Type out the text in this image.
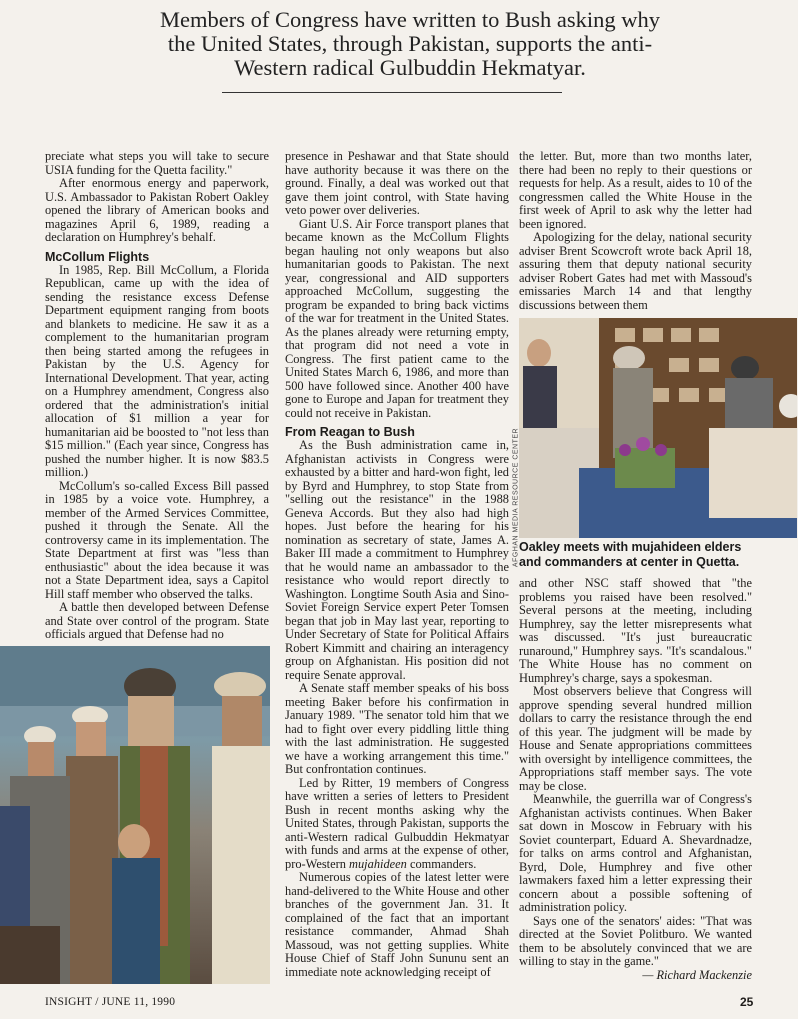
Members of Congress have written to Bush asking why the United States, through Pakistan, supports the anti-Western radical Gulbuddin Hekmatyar.

preciate what steps you will take to secure USIA funding for the Quetta facility."

After enormous energy and paperwork, U.S. Ambassador to Pakistan Robert Oakley opened the library of American books and magazines April 6, 1989, reading a declaration on Humphrey's behalf.

McCollum Flights

In 1985, Rep. Bill McCollum, a Florida Republican, came up with the idea of sending the resistance excess Defense Department equipment ranging from boots and blankets to medicine. He saw it as a complement to the humanitarian program then being started among the refugees in Pakistan by the U.S. Agency for International Development. That year, acting on a Humphrey amendment, Congress also ordered that the administration's initial allocation of $1 million a year for humanitarian aid be boosted to "not less than $15 million." (Each year since, Congress has pushed the number higher. It is now $83.5 million.)

McCollum's so-called Excess Bill passed in 1985 by a voice vote. Humphrey, a member of the Armed Services Committee, pushed it through the Senate. All the controversy came in its implementation. The State Department at first was "less than enthusiastic" about the idea because it was not a State Department idea, says a Capitol Hill staff member who observed the talks.

A battle then developed between Defense and State over control of the program. State officials argued that Defense had no

presence in Peshawar and that State should have authority because it was there on the ground. Finally, a deal was worked out that gave them joint control, with State having veto power over deliveries.

Giant U.S. Air Force transport planes that became known as the McCollum Flights began hauling not only weapons but also humanitarian goods to Pakistan. The next year, congressional and AID supporters approached McCollum, suggesting the program be expanded to bring back victims of the war for treatment in the United States. As the planes already were returning empty, that program did not need a vote in Congress. The first patient came to the United States March 6, 1986, and more than 500 have followed since. Another 400 have gone to Europe and Japan for treatment they could not receive in Pakistan.

From Reagan to Bush

As the Bush administration came in, Afghanistan activists in Congress were exhausted by a bitter and hard-won fight, led by Byrd and Humphrey, to stop State from "selling out the resistance" in the 1988 Geneva Accords. But they also had high hopes. Just before the hearing for his nomination as secretary of state, James A. Baker III made a commitment to Humphrey that he would name an ambassador to the resistance who would report directly to Washington. Longtime South Asia and Sino-Soviet Foreign Service expert Peter Tomsen began that job in May last year, reporting to Under Secretary of State for Political Affairs Robert Kimmitt and chairing an interagency group on Afghanistan. His position did not require Senate approval.

A Senate staff member speaks of his boss meeting Baker before his confirmation in January 1989. "The senator told him that we had to fight over every piddling little thing with the last administration. He suggested we have a working arrangement this time." But confrontation continues.

Led by Ritter, 19 members of Congress have written a series of letters to President Bush in recent months asking why the United States, through Pakistan, supports the anti-Western radical Gulbuddin Hekmatyar with funds and arms at the expense of other, pro-Western mujahideen commanders.

Numerous copies of the latest letter were hand-delivered to the White House and other branches of the government Jan. 31. It complained of the fact that an important resistance commander, Ahmad Shah Massoud, was not getting supplies. White House Chief of Staff John Sununu sent an immediate note acknowledging receipt of

AFGHAN MEDIA RESOURCE CENTER

the letter. But, more than two months later, there had been no reply to their questions or requests for help. As a result, aides to 10 of the congressmen called the White House in the first week of April to ask why the letter had been ignored.

Apologizing for the delay, national security adviser Brent Scowcroft wrote back April 18, assuring them that deputy national security adviser Robert Gates had met with Massoud's emissaries March 14 and that lengthy discussions between them

Oakley meets with mujahideen elders and commanders at center in Quetta.

and other NSC staff showed that "the problems you raised have been resolved." Several persons at the meeting, including Humphrey, say the letter misrepresents what was discussed. "It's just bureaucratic runaround," Humphrey says. "It's scandalous." The White House has no comment on Humphrey's charge, says a spokesman.

Most observers believe that Congress will approve spending several hundred million dollars to carry the resistance through the end of this year. The judgment will be made by House and Senate appropriations committees with oversight by intelligence committees, the Appropriations staff member says. The vote may be close.

Meanwhile, the guerrilla war of Congress's Afghanistan activists continues. When Baker sat down in Moscow in February with his Soviet counterpart, Eduard A. Shevardnadze, for talks on arms control and Afghanistan, Byrd, Dole, Humphrey and five other lawmakers faxed him a letter expressing their concern about a possible softening of administration policy.

Says one of the senators' aides: "That was directed at the Soviet Politburo. We wanted them to be absolutely convinced that we are willing to stay in the game."

— Richard Mackenzie

INSIGHT / JUNE 11, 1990	25
